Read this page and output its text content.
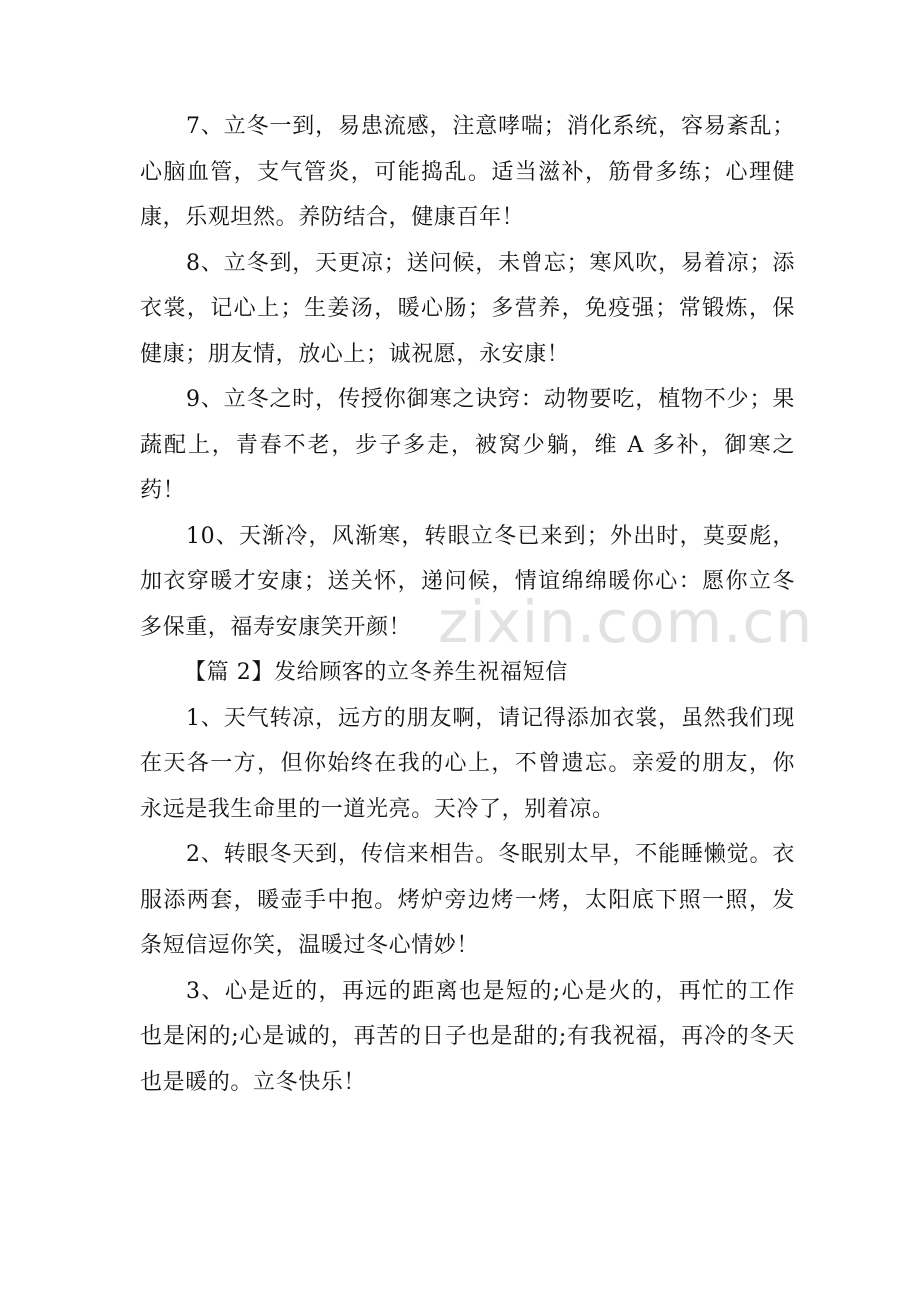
7、立冬一到，易患流感，注意哮喘；消化系统，容易紊乱；心脑血管，支气管炎，可能捣乱。适当滋补，筋骨多练；心理健康，乐观坦然。养防结合，健康百年！

8、立冬到，天更凉；送问候，未曾忘；寒风吹，易着凉；添衣裳，记心上；生姜汤，暖心肠；多营养，免疫强；常锻炼，保健康；朋友情，放心上；诚祝愿，永安康！

9、立冬之时，传授你御寒之诀窍：动物要吃，植物不少；果蔬配上，青春不老，步子多走，被窝少躺，维 A 多补，御寒之药！

10、天渐冷，风渐寒，转眼立冬已来到；外出时，莫耍彪，加衣穿暖才安康；送关怀，递问候，情谊绵绵暖你心：愿你立冬多保重，福寿安康笑开颜！

【篇 2】发给顾客的立冬养生祝福短信

1、天气转凉，远方的朋友啊，请记得添加衣裳，虽然我们现在天各一方，但你始终在我的心上，不曾遗忘。亲爱的朋友，你永远是我生命里的一道光亮。天冷了，别着凉。

2、转眼冬天到，传信来相告。冬眠别太早，不能睡懒觉。衣服添两套，暖壶手中抱。烤炉旁边烤一烤，太阳底下照一照，发条短信逗你笑，温暖过冬心情妙！

3、心是近的，再远的距离也是短的;心是火的，再忙的工作也是闲的;心是诚的，再苦的日子也是甜的;有我祝福，再冷的冬天也是暖的。立冬快乐！

zixin.com.cn
